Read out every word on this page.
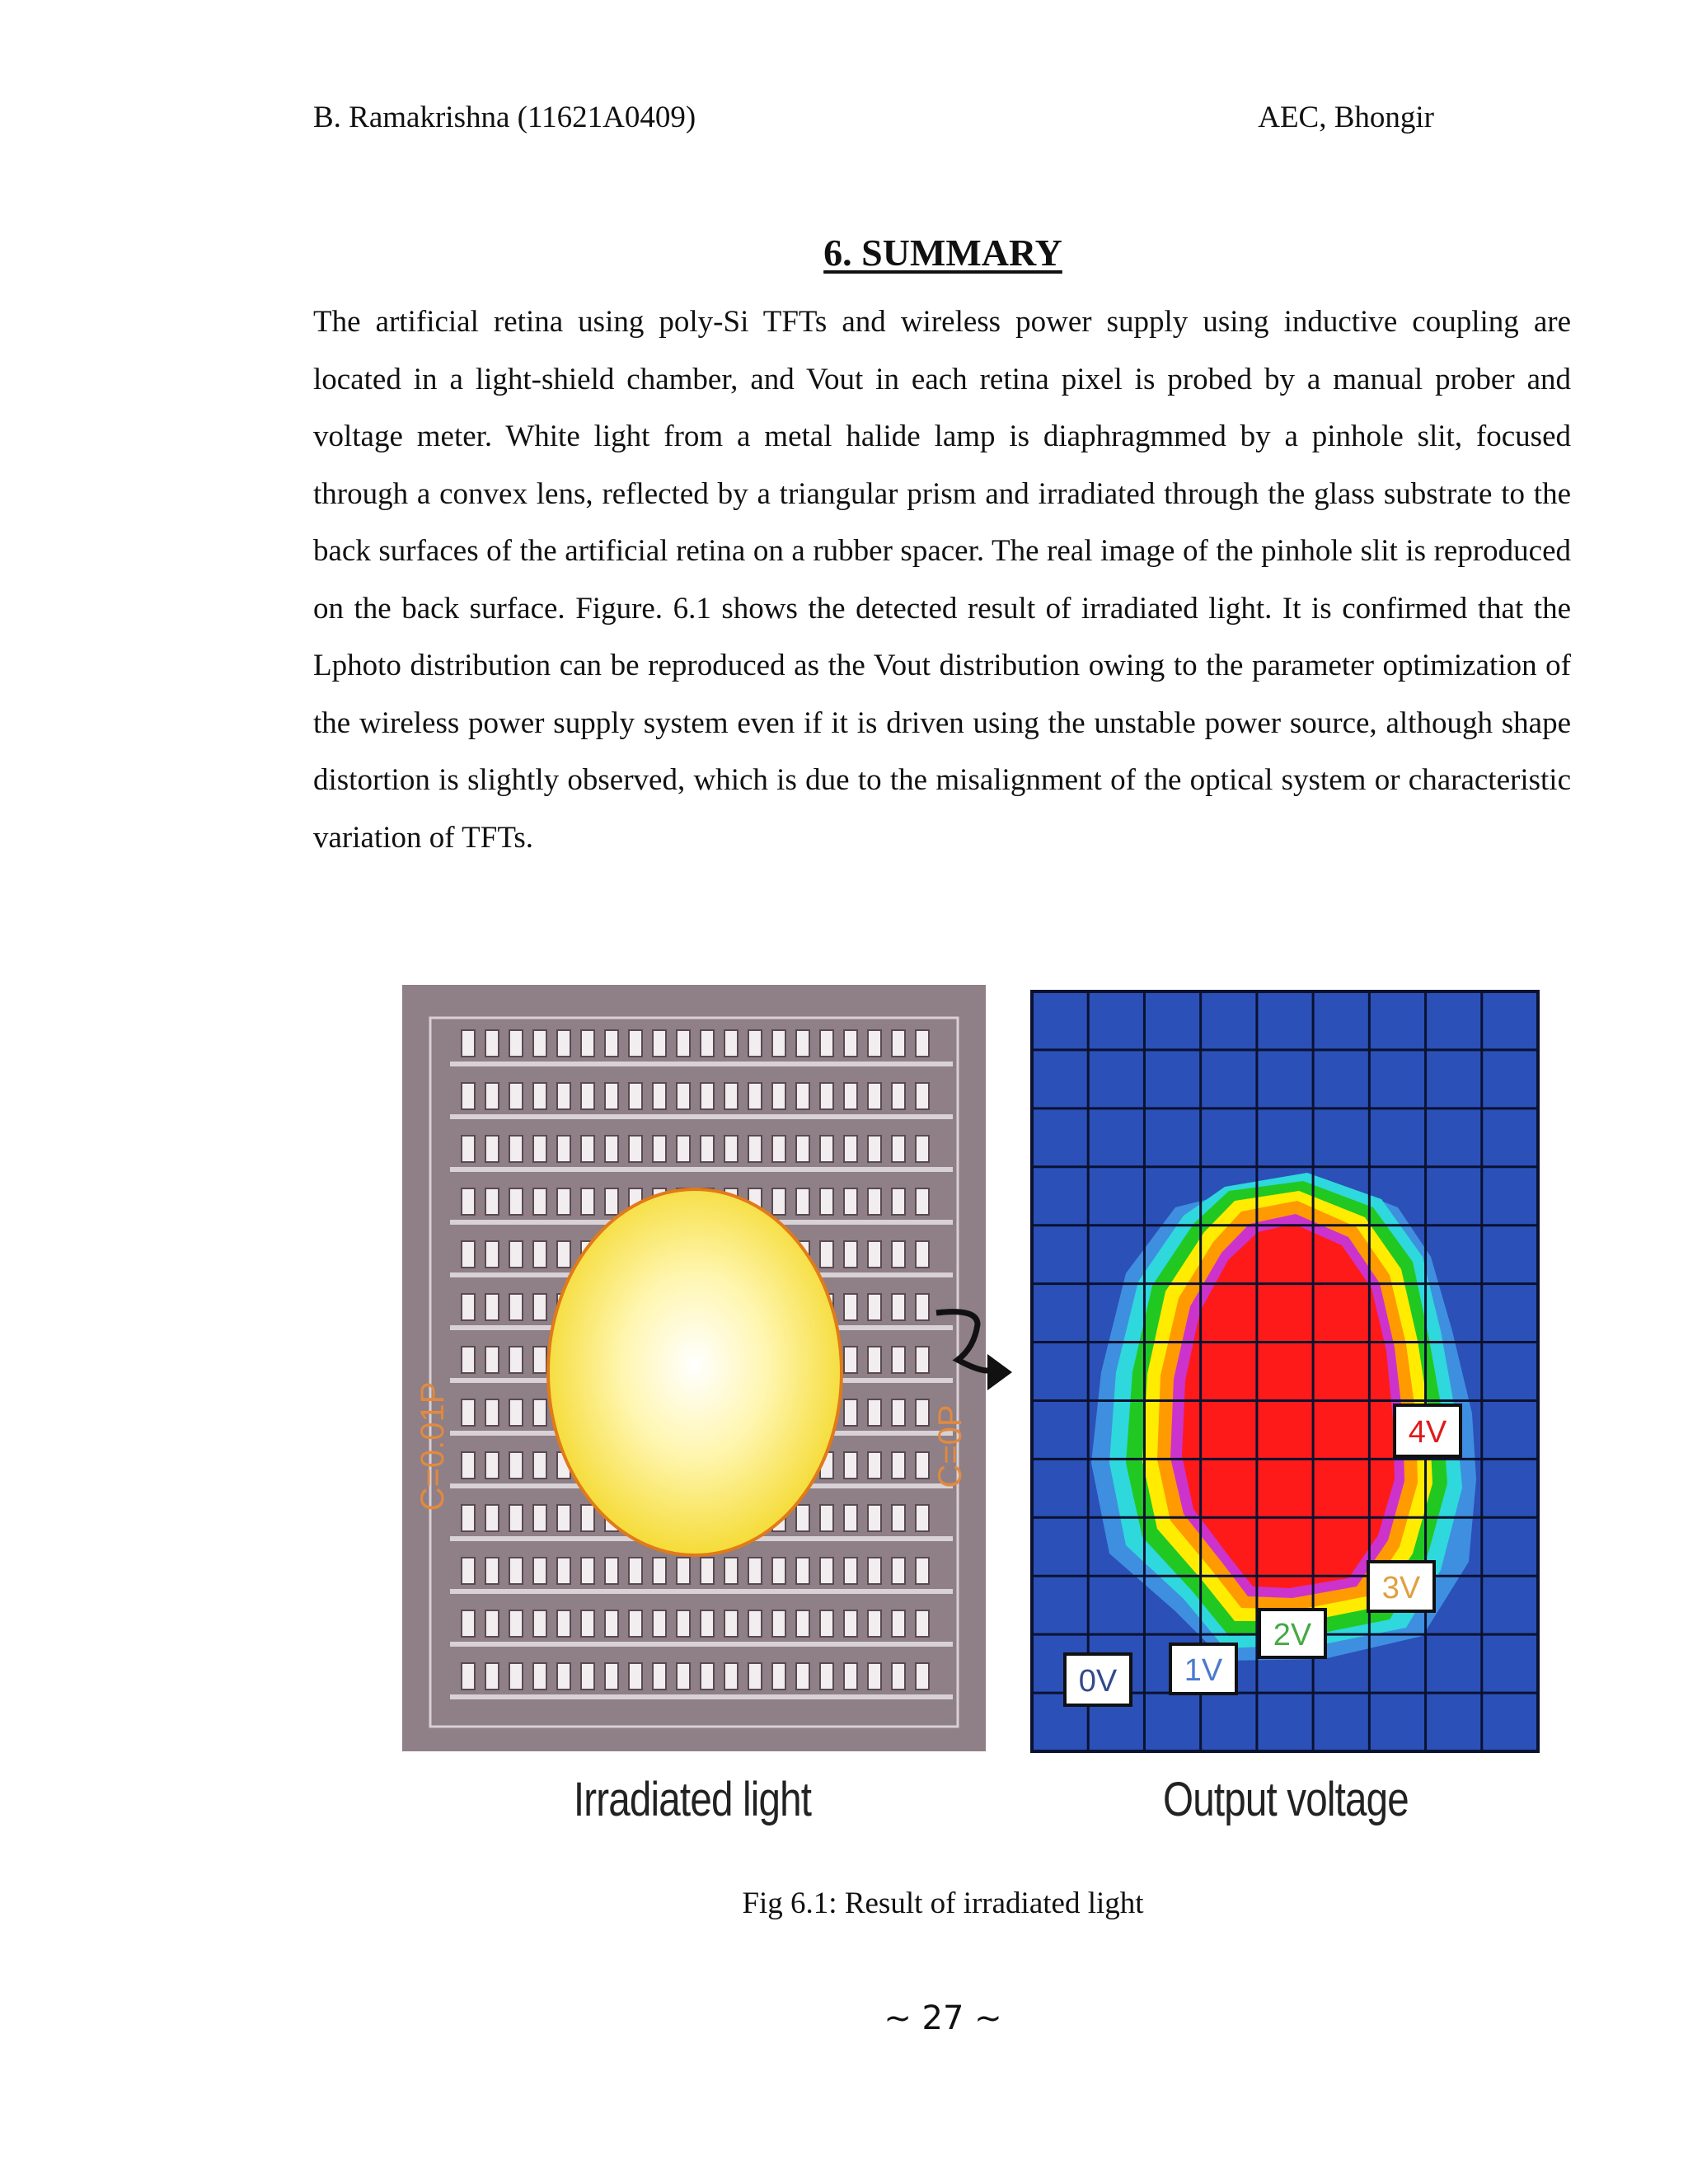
B. Ramakrishna (11621A0409)	AEC, Bhongir
6. SUMMARY

The artificial retina using poly-Si TFTs and wireless power supply using inductive coupling are located in a light-shield chamber, and Vout in each retina pixel is probed by a manual prober and voltage meter. White light from a metal halide lamp is diaphragmmed by a pinhole slit, focused through a convex lens, reflected by a triangular prism and irradiated through the glass substrate to the back surfaces of the artificial retina on a rubber spacer. The real image of the pinhole slit is reproduced on the back surface. Figure. 6.1 shows the detected result of irradiated light. It is confirmed that the Lphoto distribution can be reproduced as the Vout distribution owing to the parameter optimization of the wireless power supply system even if it is driven using the unstable power source, although shape distortion is slightly observed, which is due to the misalignment of the optical system or characteristic variation of TFTs.

C=0.01P	C=0P	4V
3V
2V
1V
0V
Irradiated light	Output voltage
Fig 6.1: Result of irradiated light
~ 27 ~
